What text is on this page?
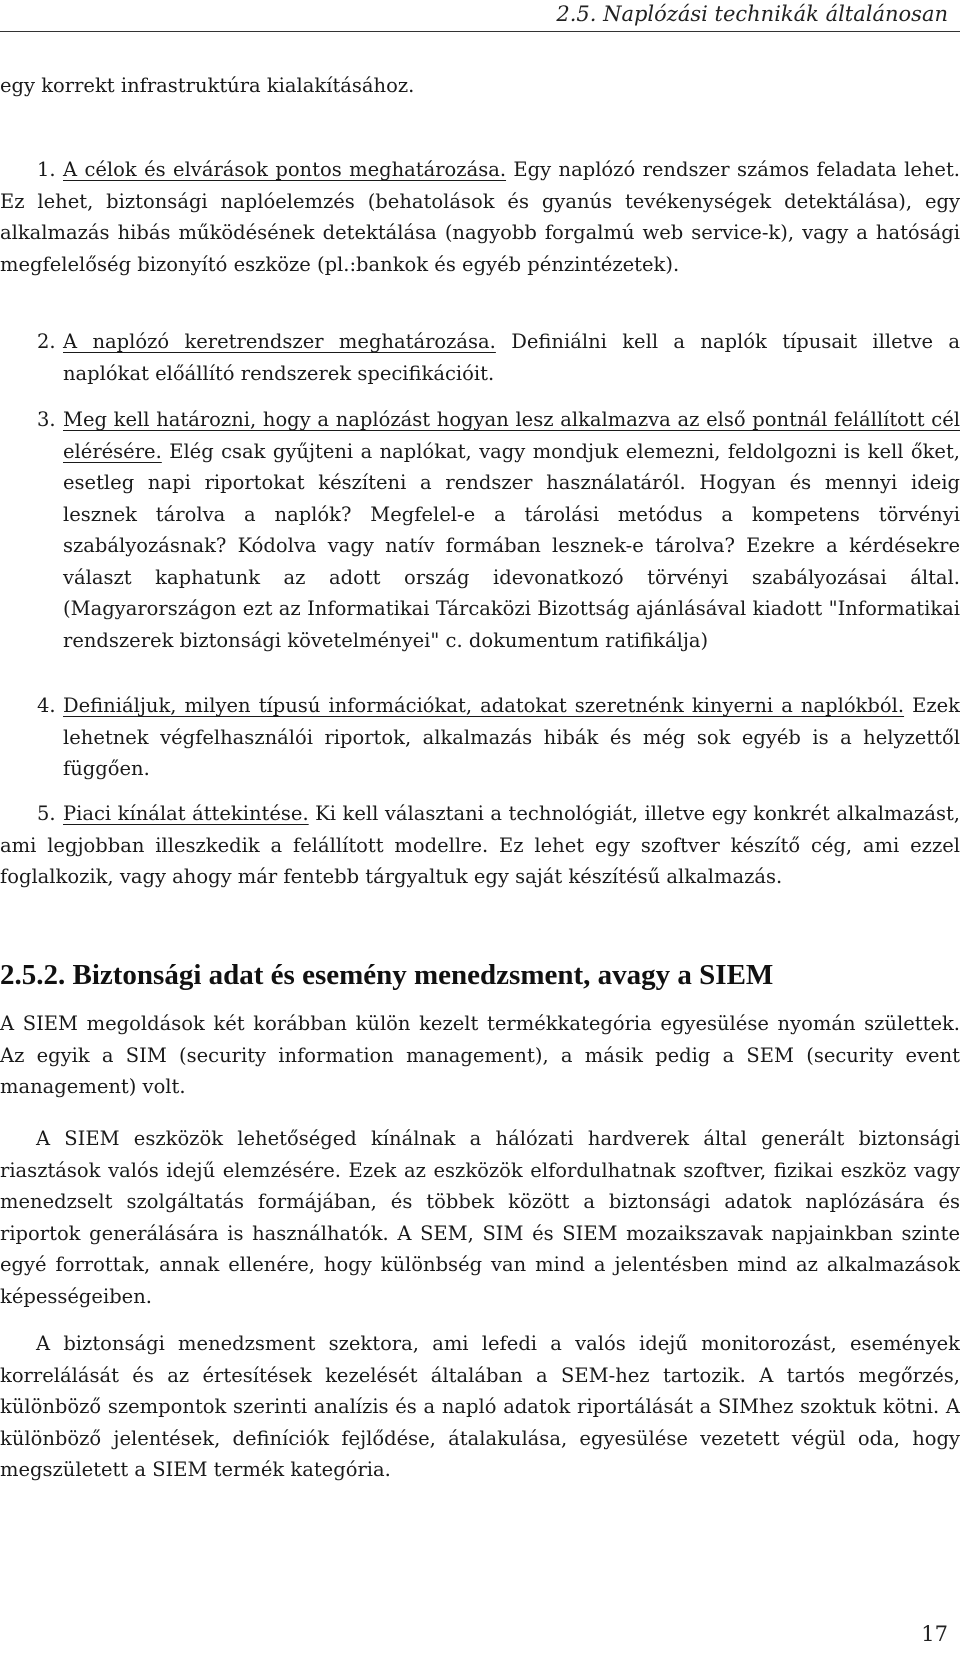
2.5. Naplózási technikák általánosan

egy korrekt infrastruktúra kialakításához.

1. A célok és elvárások pontos meghatározása. Egy naplózó rendszer számos feladata lehet. Ez lehet, biztonsági naplóelemzés (behatolások és gyanús tevékenységek detektálása), egy alkalmazás hibás működésének detektálása (nagyobb forgalmú web service-k), vagy a hatósági megfelelőség bizonyító eszköze (pl.:bankok és egyéb pénzintézetek).

2. A naplózó keretrendszer meghatározása. Definiálni kell a naplók típusait illetve a naplókat előállító rendszerek specifikációit.

3. Meg kell határozni, hogy a naplózást hogyan lesz alkalmazva az első pontnál felállított cél elérésére. Elég csak gyűjteni a naplókat, vagy mondjuk elemezni, feldolgozni is kell őket, esetleg napi riportokat készíteni a rendszer használatáról. Hogyan és mennyi ideig lesznek tárolva a naplók? Megfelel-e a tárolási metódus a kompetens törvényi szabályozásnak? Kódolva vagy natív formában lesznek-e tárolva? Ezekre a kérdésekre választ kaphatunk az adott ország idevonatkozó törvényi szabályozásai által. (Magyarországon ezt az Informatikai Tárcaközi Bizottság ajánlásával kiadott "Informatikai rendszerek biztonsági követelményei" c. dokumentum ratifikálja)

4. Definiáljuk, milyen típusú információkat, adatokat szeretnénk kinyerni a naplókból. Ezek lehetnek végfelhasználói riportok, alkalmazás hibák és még sok egyéb is a helyzettől függően.

5. Piaci kínálat áttekintése. Ki kell választani a technológiát, illetve egy konkrét alkalmazást, ami legjobban illeszkedik a felállított modellre. Ez lehet egy szoftver készítő cég, ami ezzel foglalkozik, vagy ahogy már fentebb tárgyaltuk egy saját készítésű alkalmazás.

2.5.2. Biztonsági adat és esemény menedzsment, avagy a SIEM

A SIEM megoldások két korábban külön kezelt termékkategória egyesülése nyomán születtek. Az egyik a SIM (security information management), a másik pedig a SEM (security event management) volt.

A SIEM eszközök lehetőséged kínálnak a hálózati hardverek által generált biztonsági riasztások valós idejű elemzésére. Ezek az eszközök elfordulhatnak szoftver, fizikai eszköz vagy menedzselt szolgáltatás formájában, és többek között a biztonsági adatok naplózására és riportok generálására is használhatók. A SEM, SIM és SIEM mozaikszavak napjainkban szinte egyé forrottak, annak ellenére, hogy különbség van mind a jelentésben mind az alkalmazások képességeiben.

A biztonsági menedzsment szektora, ami lefedi a valós idejű monitorozást, események korrelálását és az értesítések kezelését általában a SEM-hez tartozik. A tartós megőrzés, különböző szempontok szerinti analízis és a napló adatok riportálását a SIMhez szoktuk kötni. A különböző jelentések, definíciók fejlődése, átalakulása, egyesülése vezetett végül oda, hogy megszületett a SIEM termék kategória.

17
